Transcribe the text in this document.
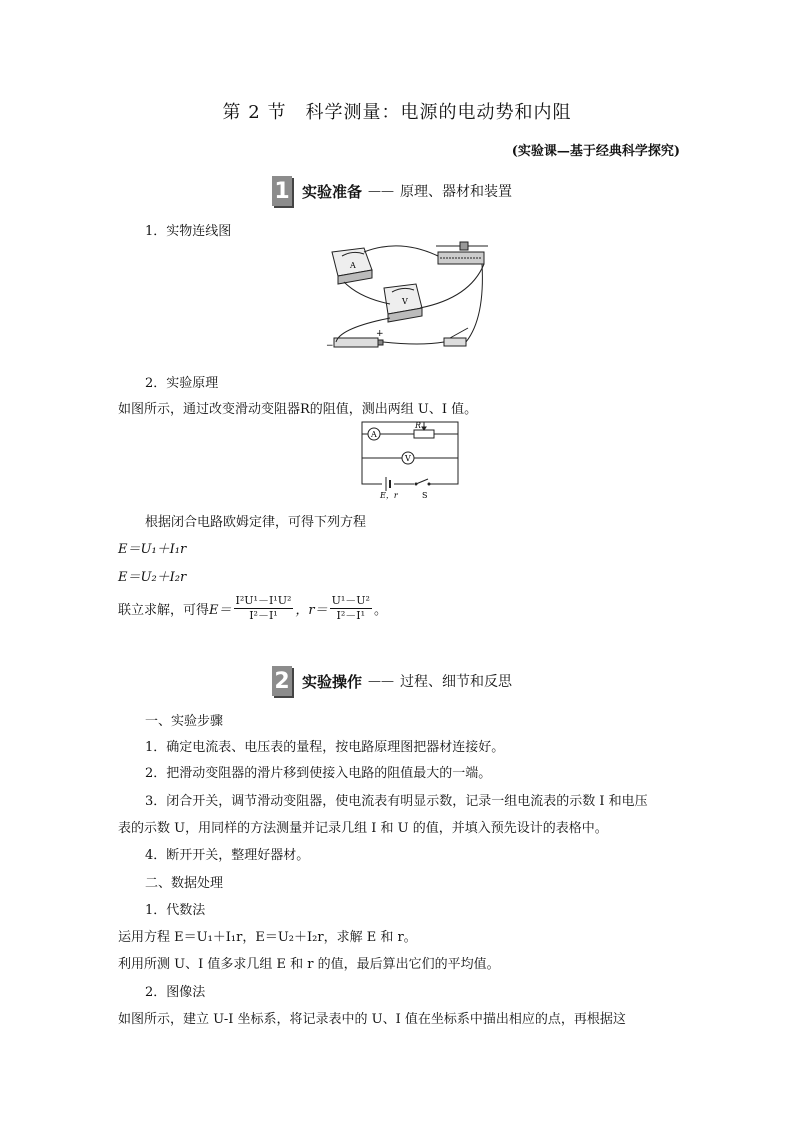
第 2 节　科学测量：电源的电动势和内阻
(实验课—基于经典科学探究)
1 实验准备 —— 原理、器材和装置
1．实物连线图
A
V
−
+
2．实验原理
如图所示，通过改变滑动变阻器R的阻值，测出两组 U、I 值。
A
V
R
E，r	S
根据闭合电路欧姆定律，可得下列方程
E＝U₁＋I₁r
E＝U₂＋I₂r
联立求解，可得 $E= \frac{\text{I²U¹－I¹U²}}{\text{I²－I¹}}$ ，$r= \frac{\text{U¹－U²}}{\text{I²－I¹}}$ 。
2 实验操作 —— 过程、细节和反思
一、实验步骤
1．确定电流表、电压表的量程，按电路原理图把器材连接好。
2．把滑动变阻器的滑片移到使接入电路的阻值最大的一端。
3．闭合开关，调节滑动变阻器，使电流表有明显示数，记录一组电流表的示数 I 和电压
表的示数 U，用同样的方法测量并记录几组 I 和 U 的值，并填入预先设计的表格中。
4．断开开关，整理好器材。
二、数据处理
1．代数法
运用方程 E＝U₁＋I₁r，E＝U₂＋I₂r，求解 E 和 r。
利用所测 U、I 值多求几组 E 和 r 的值，最后算出它们的平均值。
2．图像法
如图所示，建立 U-I 坐标系，将记录表中的 U、I 值在坐标系中描出相应的点，再根据这
